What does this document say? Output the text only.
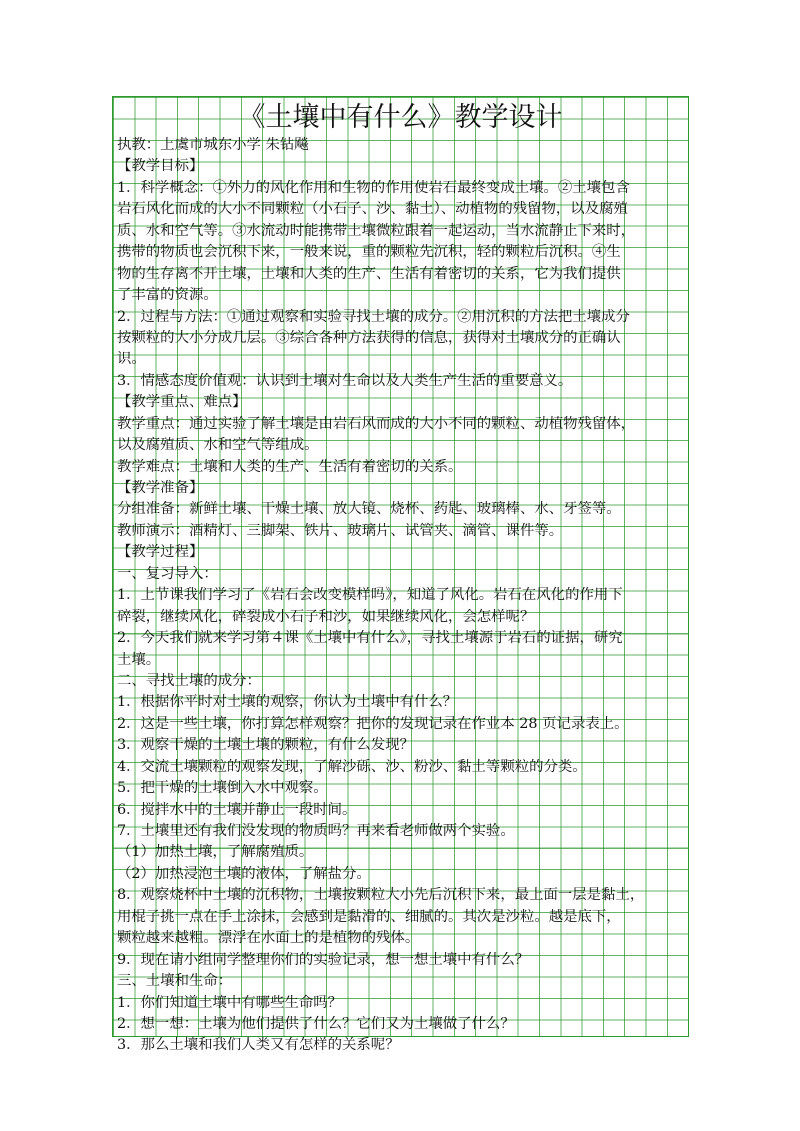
《土壤中有什么》教学设计
执教：上虞市城东小学 朱钻飚
【教学目标】
1．科学概念：①外力的风化作用和生物的作用使岩石最终变成土壤。②土壤包含
岩石风化而成的大小不同颗粒（小石子、沙、黏土）、动植物的残留物，以及腐殖
质、水和空气等。③水流动时能携带土壤微粒跟着一起运动，当水流静止下来时，
携带的物质也会沉积下来，一般来说，重的颗粒先沉积，轻的颗粒后沉积。④生
物的生存离不开土壤，土壤和人类的生产、生活有着密切的关系，它为我们提供
了丰富的资源。
2．过程与方法：①通过观察和实验寻找土壤的成分。②用沉积的方法把土壤成分
按颗粒的大小分成几层。③综合各种方法获得的信息，获得对土壤成分的正确认
识。
3．情感态度价值观：认识到土壤对生命以及人类生产生活的重要意义。
【教学重点、难点】
教学重点：通过实验了解土壤是由岩石风而成的大小不同的颗粒、动植物残留体，
以及腐殖质、水和空气等组成。
教学难点：土壤和人类的生产、生活有着密切的关系。
【教学准备】
分组准备：新鲜土壤、干燥土壤、放大镜、烧杯、药匙、玻璃棒、水、牙签等。
教师演示：酒精灯、三脚架、铁片、玻璃片、试管夹、滴管、课件等。
【教学过程】
一、复习导入：
1．上节课我们学习了《岩石会改变模样吗》，知道了风化。岩石在风化的作用下
碎裂，继续风化，碎裂成小石子和沙，如果继续风化，会怎样呢？
2．今天我们就来学习第４课《土壤中有什么》，寻找土壤源于岩石的证据，研究
土壤。
二、寻找土壤的成分：
1．根据你平时对土壤的观察，你认为土壤中有什么？
2．这是一些土壤，你打算怎样观察？把你的发现记录在作业本 28 页记录表上。
3．观察干燥的土壤土壤的颗粒，有什么发现？
4．交流土壤颗粒的观察发现，了解沙砾、沙、粉沙、黏土等颗粒的分类。
5．把干燥的土壤倒入水中观察。
6．搅拌水中的土壤并静止一段时间。
7．土壤里还有我们没发现的物质吗？再来看老师做两个实验。
（1）加热土壤，了解腐殖质。
（2）加热浸泡土壤的液体，了解盐分。
8．观察烧杯中土壤的沉积物，土壤按颗粒大小先后沉积下来，最上面一层是黏土，
用棍子挑一点在手上涂抹，会感到是黏滑的、细腻的。其次是沙粒。越是底下，
颗粒越来越粗。漂浮在水面上的是植物的残体。
9．现在请小组同学整理你们的实验记录，想一想土壤中有什么？
三、土壤和生命：
1．你们知道土壤中有哪些生命吗？
2．想一想：土壤为他们提供了什么？它们又为土壤做了什么？
3．那么土壤和我们人类又有怎样的关系呢？
